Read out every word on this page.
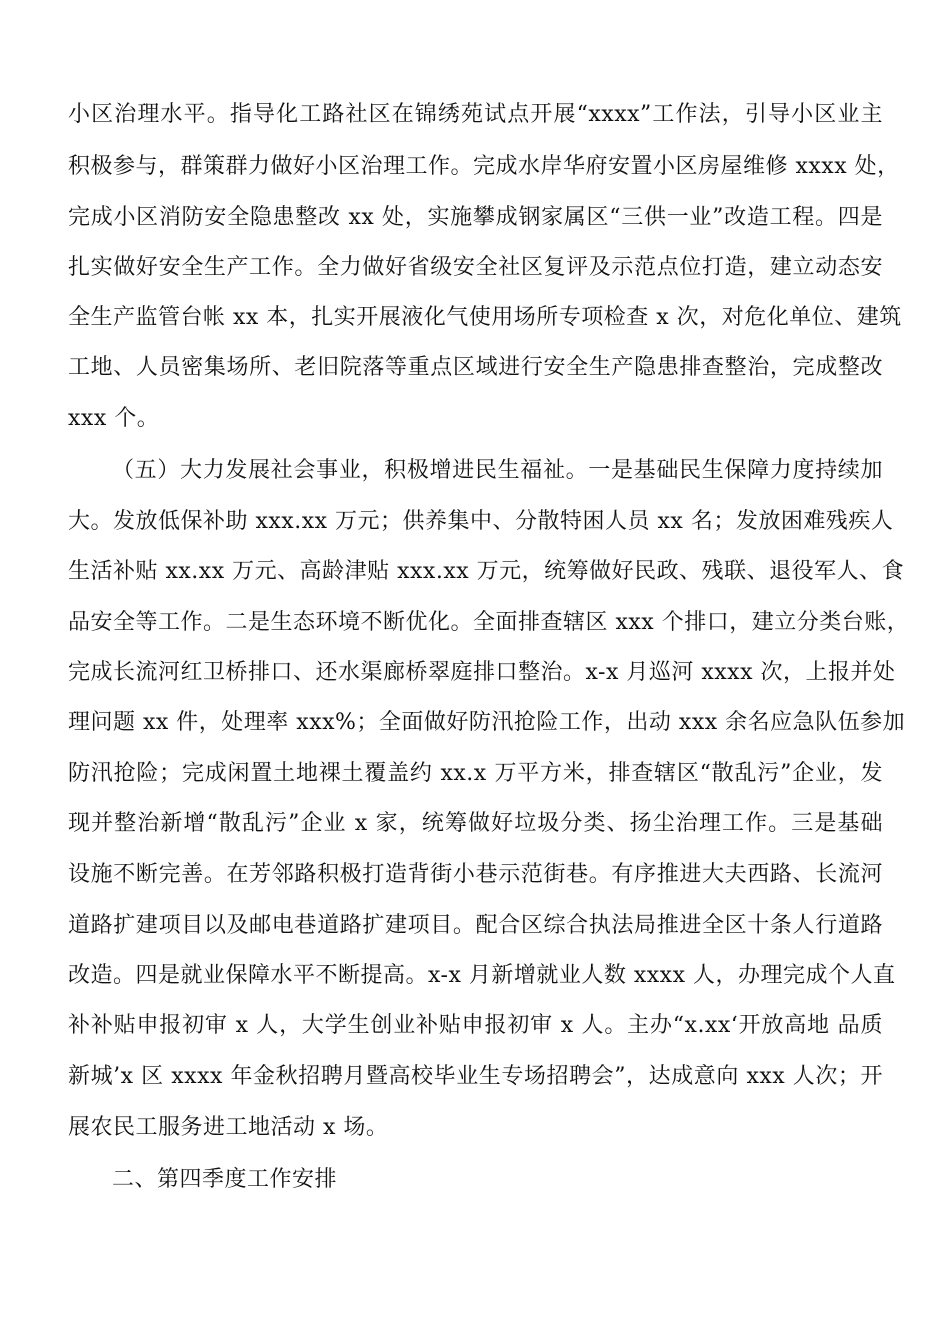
小区治理水平。指导化工路社区在锦绣苑试点开展“xxxx”工作法，引导小区业主
积极参与，群策群力做好小区治理工作。完成水岸华府安置小区房屋维修 xxxx 处，
完成小区消防安全隐患整改 xx 处，实施攀成钢家属区“三供一业”改造工程。四是
扎实做好安全生产工作。全力做好省级安全社区复评及示范点位打造，建立动态安
全生产监管台帐 xx 本，扎实开展液化气使用场所专项检查 x 次，对危化单位、建筑
工地、人员密集场所、老旧院落等重点区域进行安全生产隐患排查整治，完成整改
xxx 个。
（五）大力发展社会事业，积极增进民生福祉。一是基础民生保障力度持续加
大。发放低保补助 xxx.xx 万元；供养集中、分散特困人员 xx 名；发放困难残疾人
生活补贴 xx.xx 万元、高龄津贴 xxx.xx 万元，统筹做好民政、残联、退役军人、食
品安全等工作。二是生态环境不断优化。全面排查辖区 xxx 个排口，建立分类台账，
完成长流河红卫桥排口、还水渠廊桥翠庭排口整治。x-x 月巡河 xxxx 次，上报并处
理问题 xx 件，处理率 xxx%；全面做好防汛抢险工作，出动 xxx 余名应急队伍参加
防汛抢险；完成闲置土地裸土覆盖约 xx.x 万平方米，排查辖区“散乱污”企业，发
现并整治新增“散乱污”企业 x 家，统筹做好垃圾分类、扬尘治理工作。三是基础
设施不断完善。在芳邻路积极打造背街小巷示范街巷。有序推进大夫西路、长流河
道路扩建项目以及邮电巷道路扩建项目。配合区综合执法局推进全区十条人行道路
改造。四是就业保障水平不断提高。x-x 月新增就业人数 xxxx 人，办理完成个人直
补补贴申报初审 x 人，大学生创业补贴申报初审 x 人。主办“x.xx‘开放高地 品质
新城’x 区 xxxx 年金秋招聘月暨高校毕业生专场招聘会”，达成意向 xxx 人次；开
展农民工服务进工地活动 x 场。
二、第四季度工作安排
